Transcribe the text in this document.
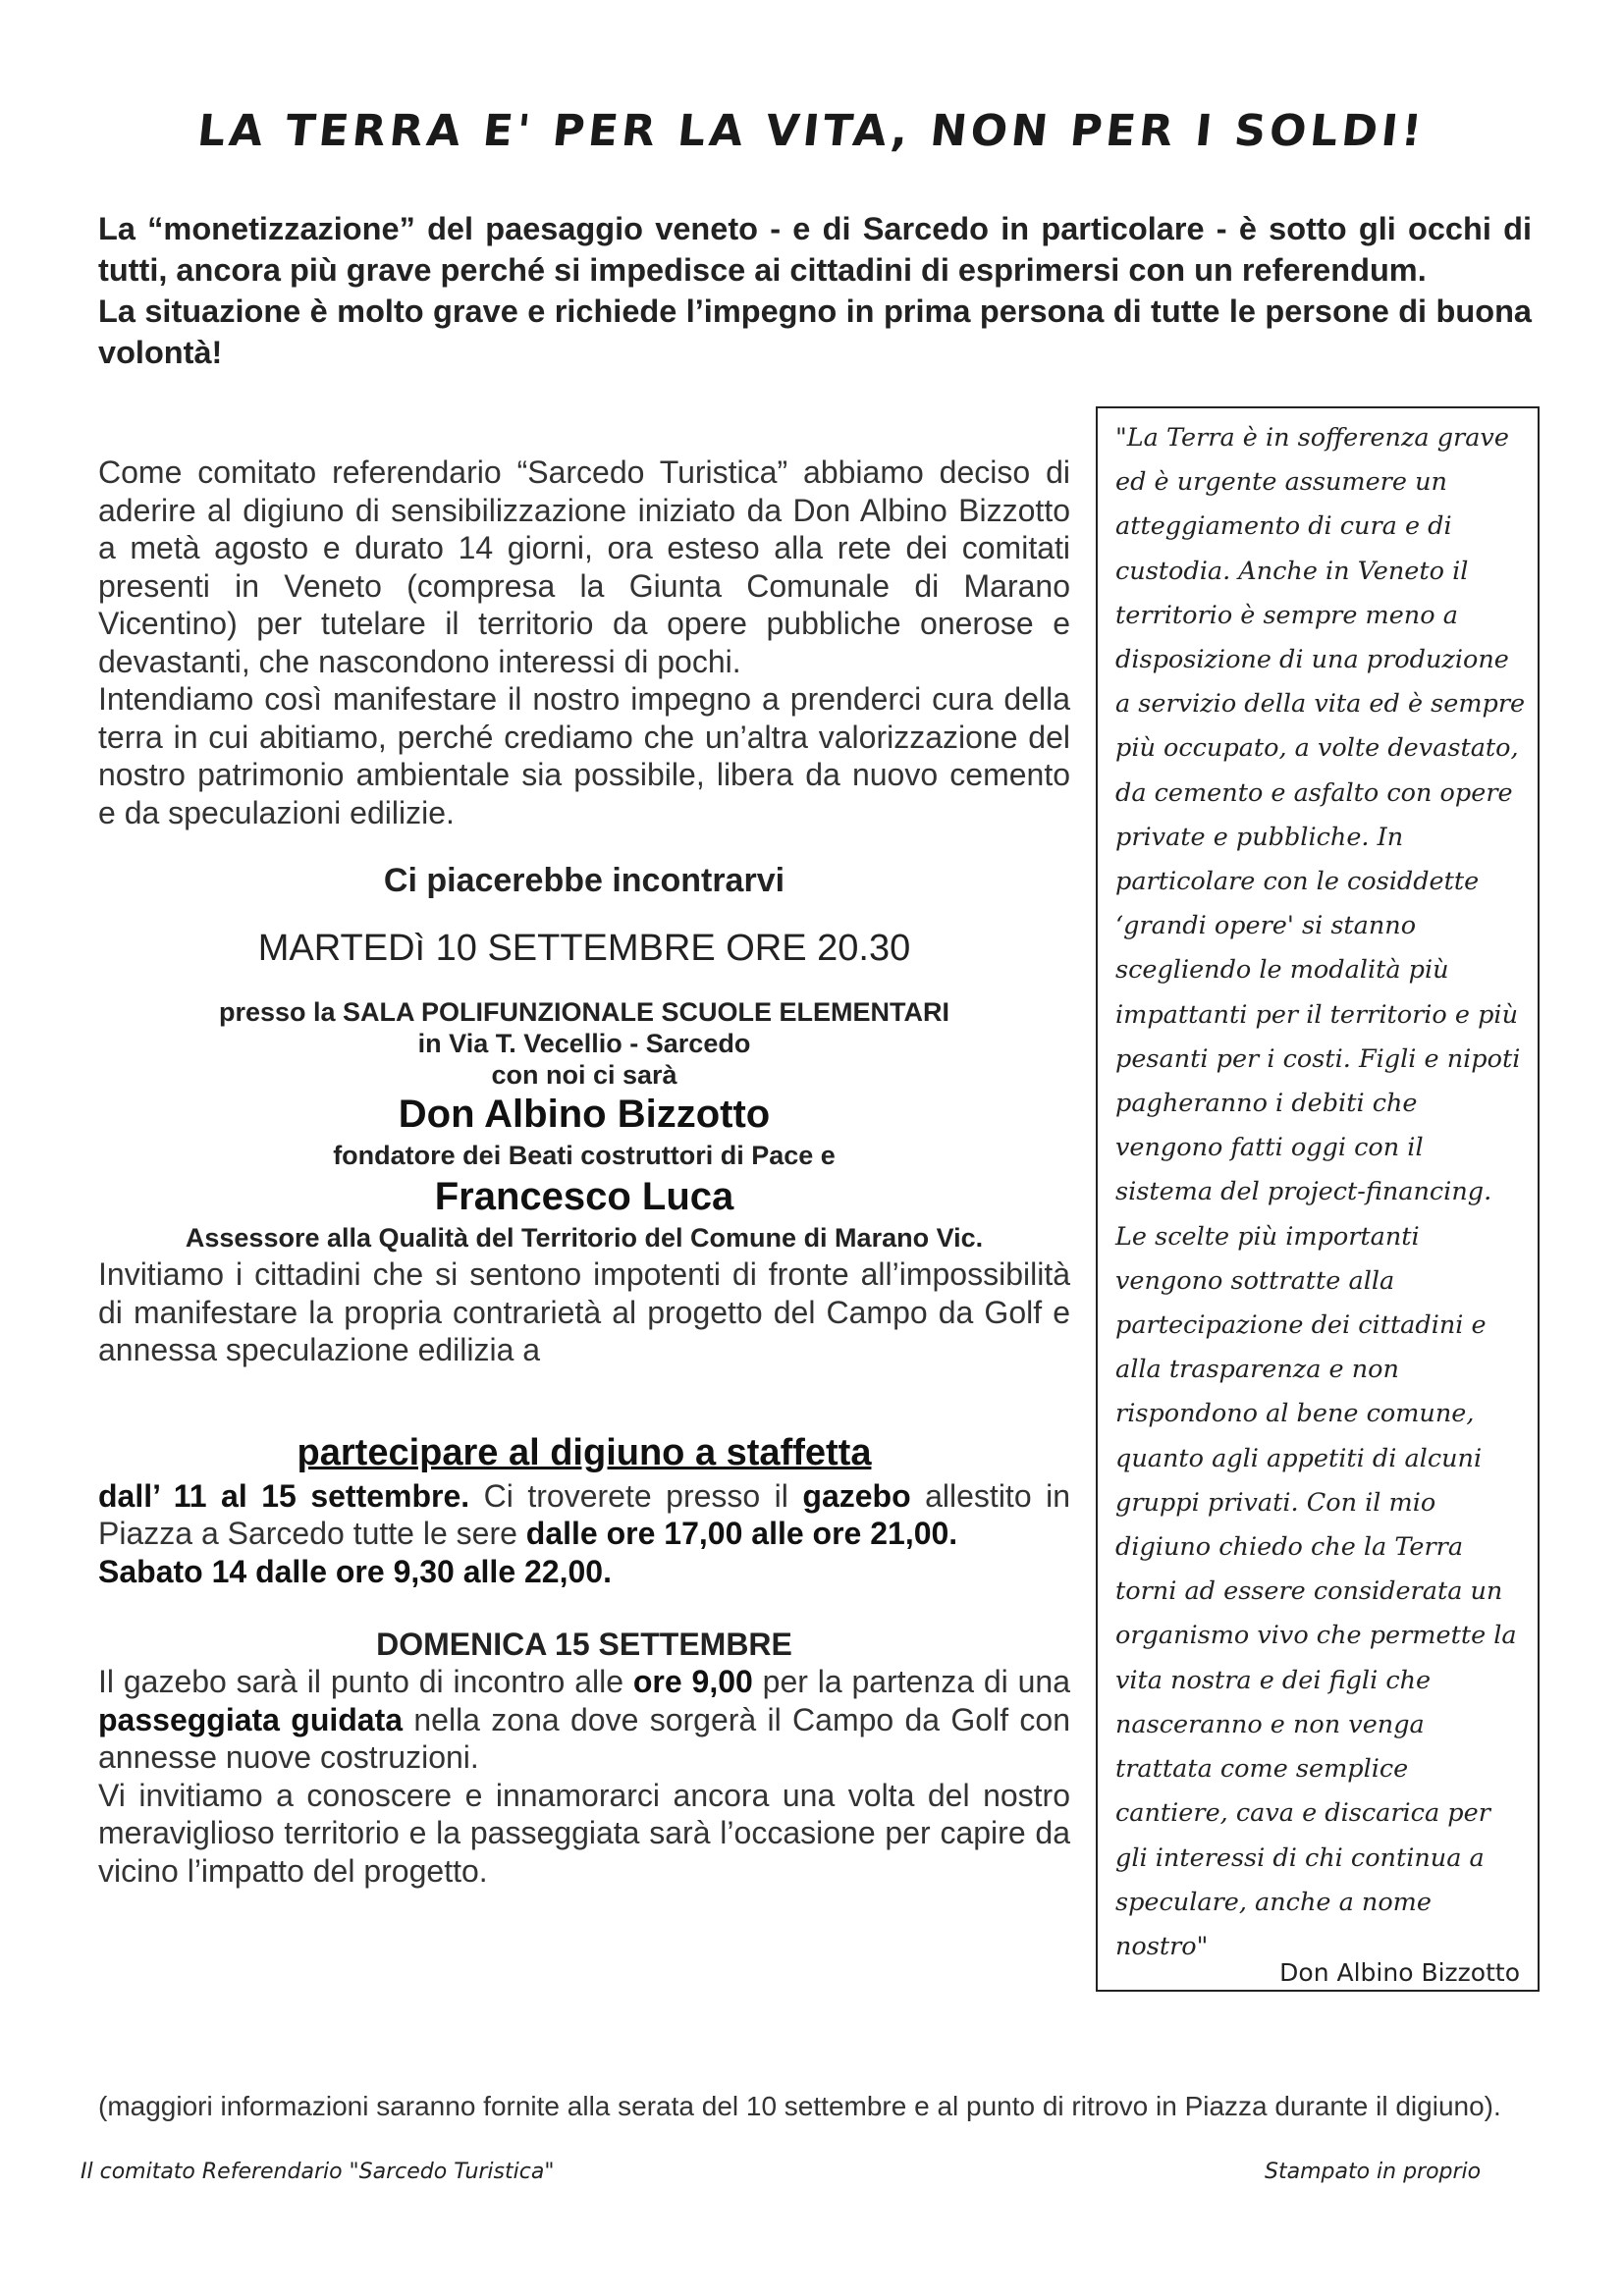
LA TERRA E' PER LA VITA, NON PER I SOLDI!

La “monetizzazione” del paesaggio veneto - e di Sarcedo in particolare - è sotto gli occhi di tutti, ancora più grave perché si impedisce ai cittadini di esprimersi con un referendum.

La situazione è molto grave e richiede l’impegno in prima persona di tutte le persone di buona volontà!

Come comitato referendario “Sarcedo Turistica” abbiamo deciso di aderire al digiuno di sensibilizzazione iniziato da Don Albino Bizzotto a metà agosto e durato 14 giorni, ora esteso alla rete dei comitati presenti in Veneto (compresa la Giunta Comunale di Marano Vicentino) per tutelare il territorio da opere pubbliche onerose e devastanti, che nascondono interessi di pochi.

Intendiamo così manifestare il nostro impegno a prenderci cura della terra in cui abitiamo, perché crediamo che un’altra valorizzazione del nostro patrimonio ambientale sia possibile, libera da nuovo cemento e da speculazioni edilizie.

Ci piacerebbe incontrarvi
MARTEDì 10 SETTEMBRE ORE 20.30
presso la SALA POLIFUNZIONALE SCUOLE ELEMENTARI
in Via T. Vecellio - Sarcedo
con noi ci sarà
Don Albino Bizzotto
fondatore dei Beati costruttori di Pace e
Francesco Luca
Assessore alla Qualità del Territorio del Comune di Marano Vic.

Invitiamo i cittadini che si sentono impotenti di fronte all’impossibilità di manifestare la propria contrarietà al progetto del Campo da Golf e annessa speculazione edilizia a

partecipare al digiuno a staffetta

dall’ 11 al 15 settembre. Ci troverete presso il gazebo allestito in Piazza a Sarcedo tutte le sere dalle ore 17,00 alle ore 21,00.
Sabato 14 dalle ore 9,30 alle 22,00.

DOMENICA 15 SETTEMBRE

Il gazebo sarà il punto di incontro alle ore 9,00 per la partenza di una passeggiata guidata nella zona dove sorgerà il Campo da Golf con annesse nuove costruzioni.

Vi invitiamo a conoscere e innamorarci ancora una volta del nostro meraviglioso territorio e la passeggiata sarà l’occasione per capire da vicino l’impatto del progetto.

"La Terra è in sofferenza grave ed è urgente assumere un atteggiamento di cura e di custodia. Anche in Veneto il territorio è sempre meno a disposizione di una produzione a servizio della vita ed è sempre più occupato, a volte devastato, da cemento e asfalto con opere private e pubbliche. In particolare con le cosiddette ‘grandi opere' si stanno scegliendo le modalità più impattanti per il territorio e più pesanti per i costi. Figli e nipoti pagheranno i debiti che vengono fatti oggi con il sistema del project-financing. Le scelte più importanti vengono sottratte alla partecipazione dei cittadini e alla trasparenza e non rispondono al bene comune, quanto agli appetiti di alcuni gruppi privati. Con il mio digiuno chiedo che la Terra torni ad essere considerata un organismo vivo che permette la vita nostra e dei figli che nasceranno e non venga trattata come semplice cantiere, cava e discarica per gli interessi di chi continua a speculare, anche a nome nostro"
Don Albino Bizzotto
(maggiori informazioni saranno fornite alla serata del 10 settembre e al punto di ritrovo in Piazza durante il digiuno).
Il comitato Referendario "Sarcedo Turistica"	Stampato in proprio
